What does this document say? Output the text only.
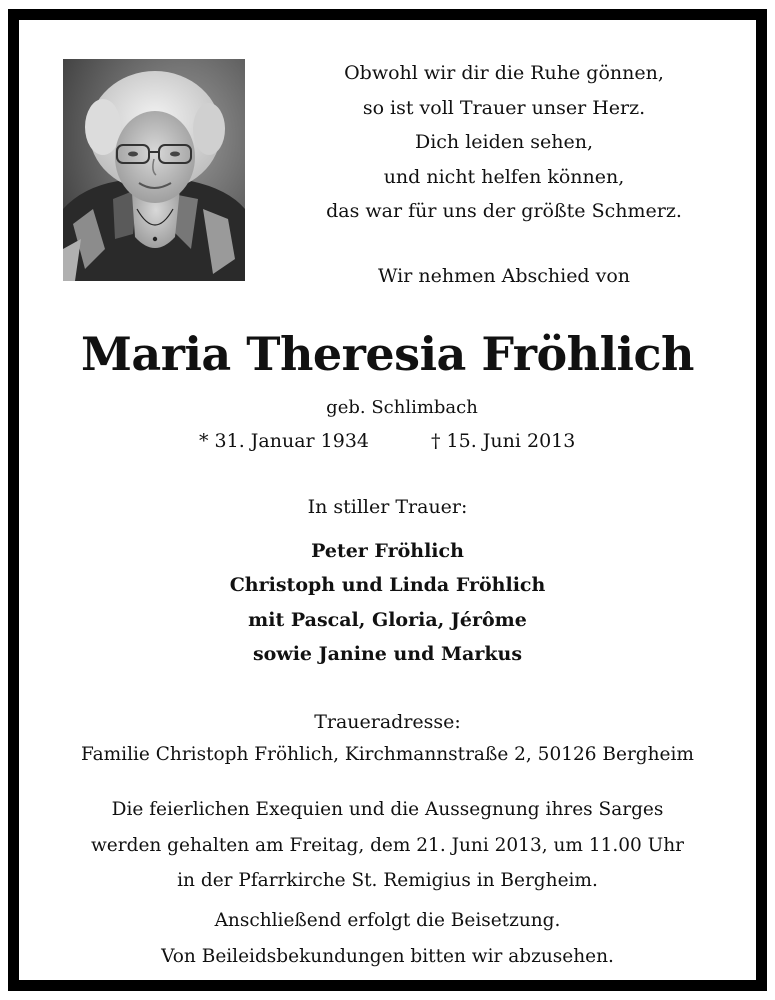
Obwohl wir dir die Ruhe gönnen,
so ist voll Trauer unser Herz.
Dich leiden sehen,
und nicht helfen können,
das war für uns der größte Schmerz.
Wir nehmen Abschied von
Maria Theresia Fröhlich
geb. Schlimbach
* 31. Januar 1934	† 15. Juni 2013
In stiller Trauer:
Peter Fröhlich
Christoph und Linda Fröhlich
mit Pascal, Gloria, Jérôme
sowie Janine und Markus
Traueradresse:
Familie Christoph Fröhlich, Kirchmannstraße 2, 50126 Bergheim
Die feierlichen Exequien und die Aussegnung ihres Sarges
werden gehalten am Freitag, dem 21. Juni 2013, um 11.00 Uhr
in der Pfarrkirche St. Remigius in Bergheim.
Anschließend erfolgt die Beisetzung.
Von Beileidsbekundungen bitten wir abzusehen.
